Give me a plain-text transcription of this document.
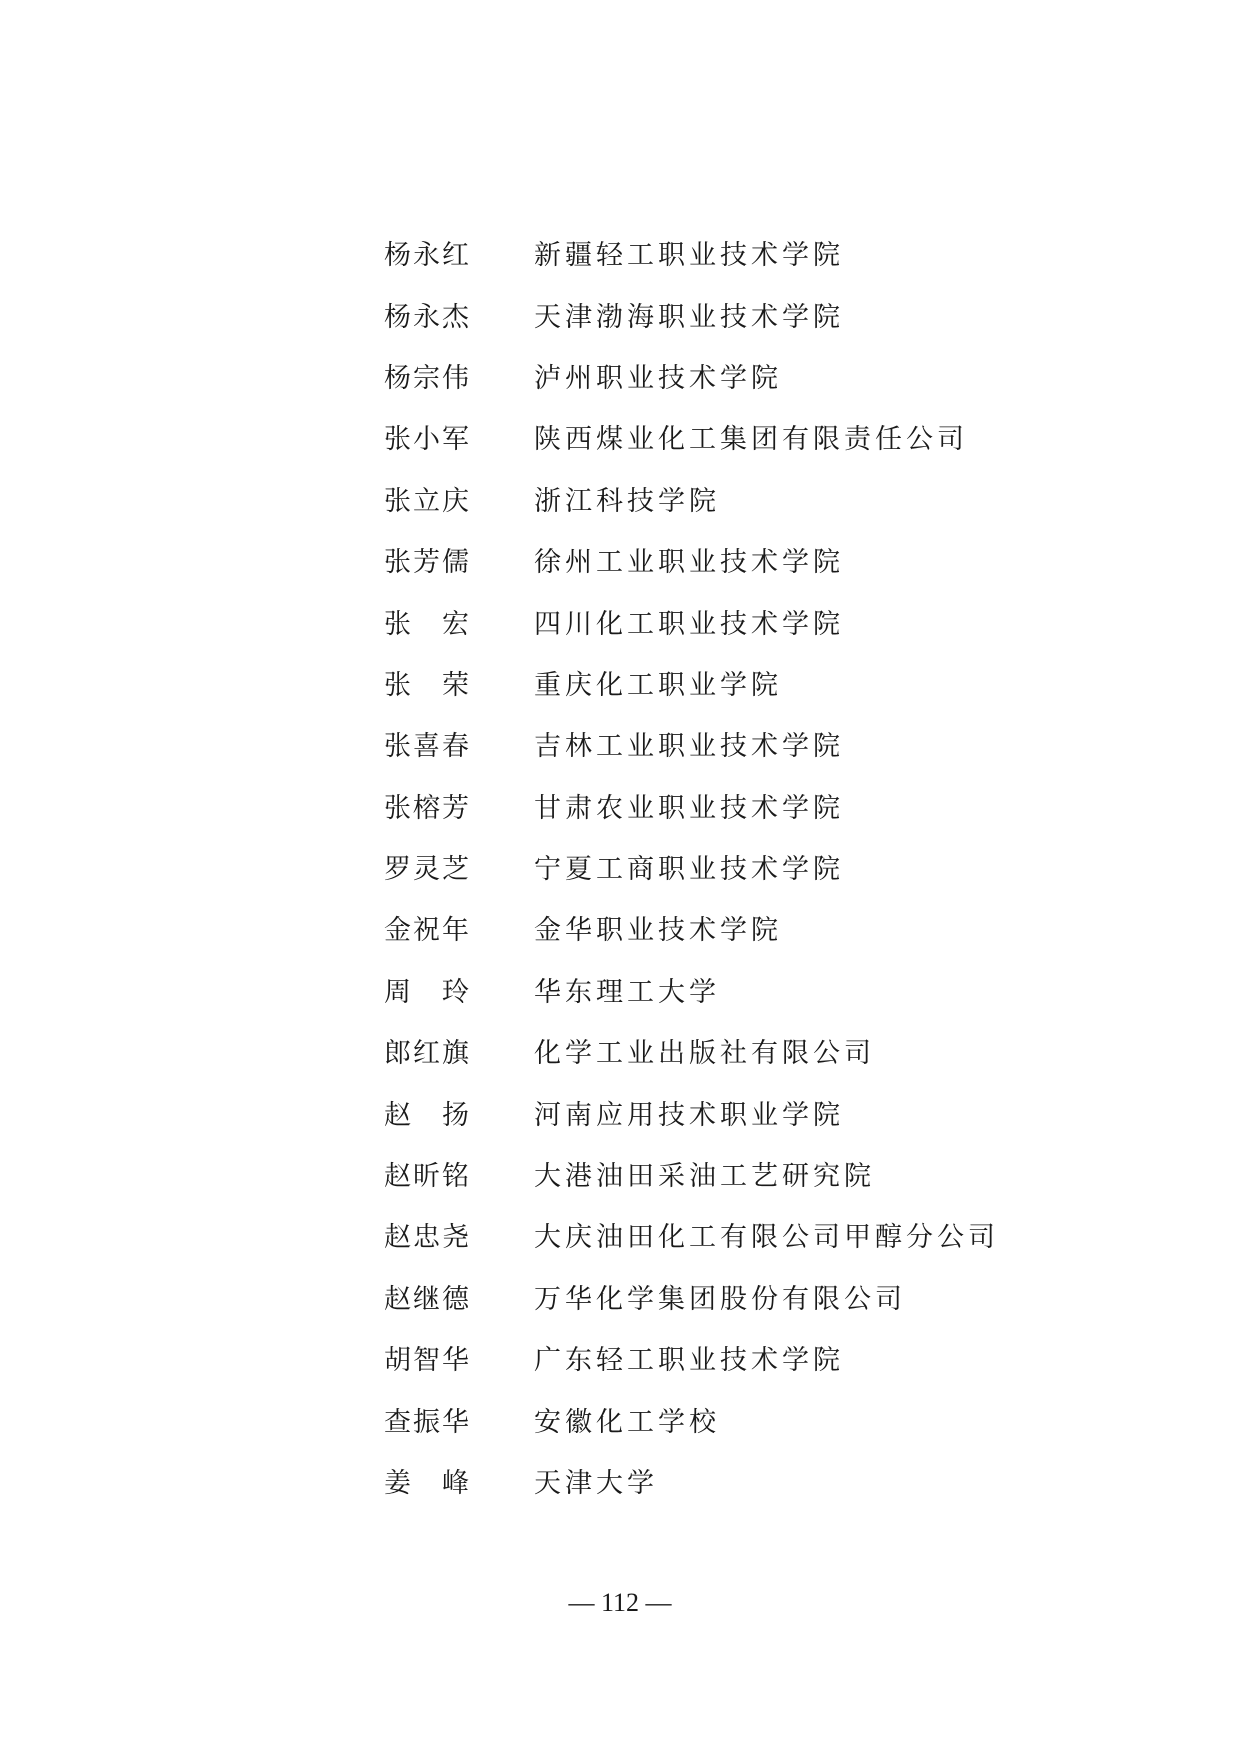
杨永红	新疆轻工职业技术学院
杨永杰	天津渤海职业技术学院
杨宗伟	泸州职业技术学院
张小军	陕西煤业化工集团有限责任公司
张立庆	浙江科技学院
张芳儒	徐州工业职业技术学院
张　宏	四川化工职业技术学院
张　荣	重庆化工职业学院
张喜春	吉林工业职业技术学院
张榕芳	甘肃农业职业技术学院
罗灵芝	宁夏工商职业技术学院
金祝年	金华职业技术学院
周　玲	华东理工大学
郎红旗	化学工业出版社有限公司
赵　扬	河南应用技术职业学院
赵昕铭	大港油田采油工艺研究院
赵忠尧	大庆油田化工有限公司甲醇分公司
赵继德	万华化学集团股份有限公司
胡智华	广东轻工职业技术学院
查振华	安徽化工学校
姜　峰	天津大学
— 112 —
